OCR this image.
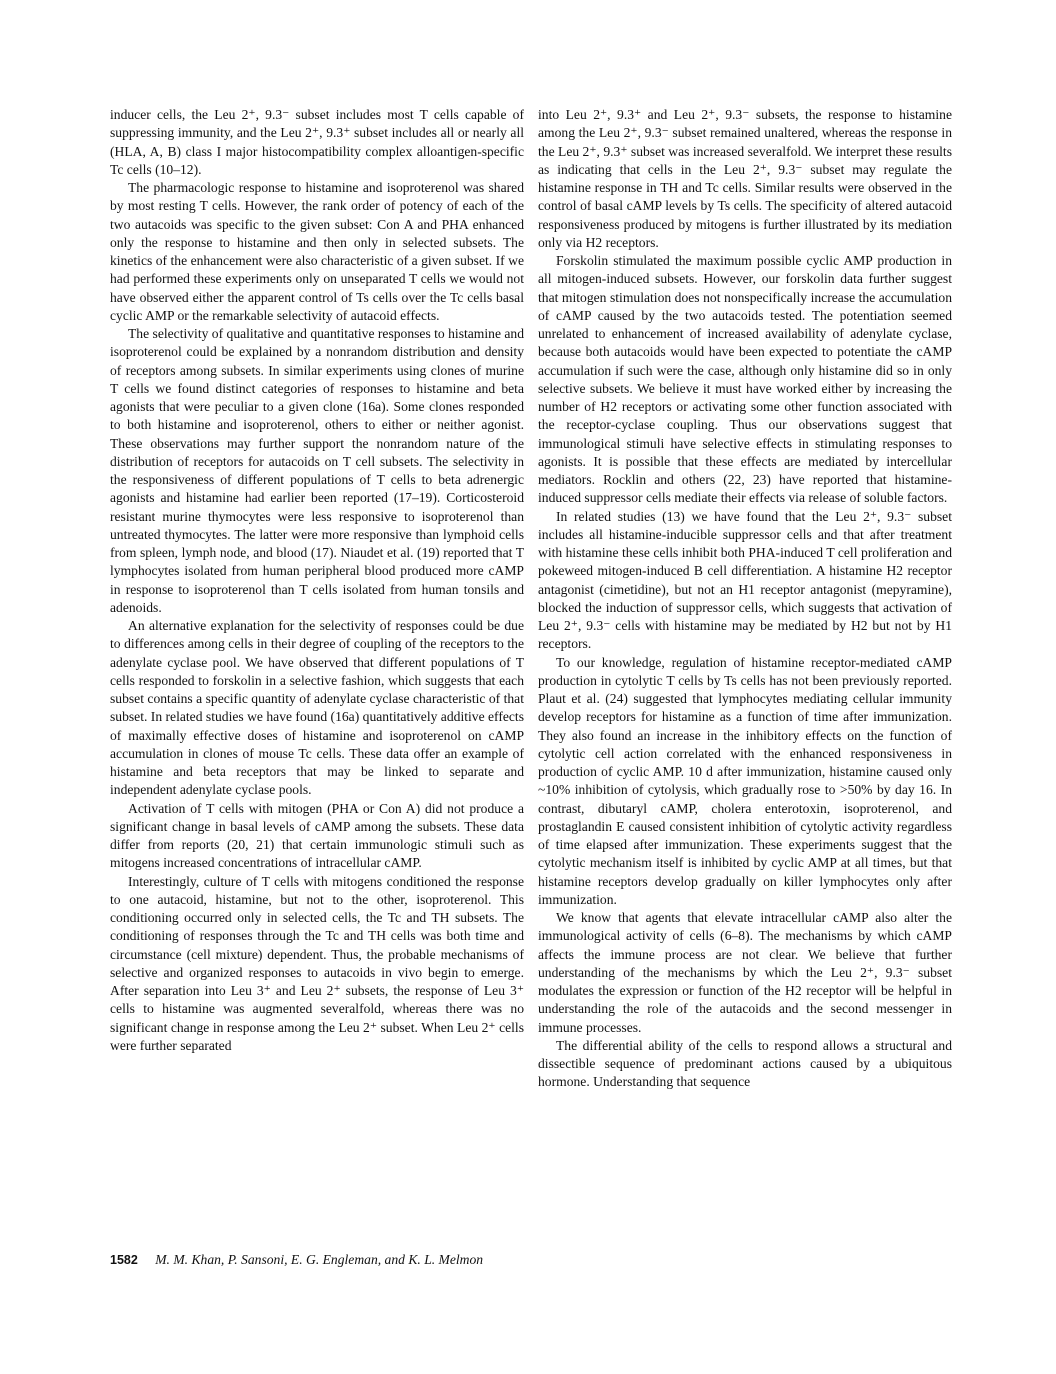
inducer cells, the Leu 2⁺, 9.3⁻ subset includes most T cells capable of suppressing immunity, and the Leu 2⁺, 9.3⁺ subset includes all or nearly all (HLA, A, B) class I major histocompatibility complex alloantigen-specific Tc cells (10–12).

The pharmacologic response to histamine and isoproterenol was shared by most resting T cells. However, the rank order of potency of each of the two autacoids was specific to the given subset: Con A and PHA enhanced only the response to histamine and then only in selected subsets. The kinetics of the enhancement were also characteristic of a given subset. If we had performed these experiments only on unseparated T cells we would not have observed either the apparent control of Ts cells over the Tc cells basal cyclic AMP or the remarkable selectivity of autacoid effects.

The selectivity of qualitative and quantitative responses to histamine and isoproterenol could be explained by a nonrandom distribution and density of receptors among subsets. In similar experiments using clones of murine T cells we found distinct categories of responses to histamine and beta agonists that were peculiar to a given clone (16a). Some clones responded to both histamine and isoproterenol, others to either or neither agonist. These observations may further support the nonrandom nature of the distribution of receptors for autacoids on T cell subsets. The selectivity in the responsiveness of different populations of T cells to beta adrenergic agonists and histamine had earlier been reported (17–19). Corticosteroid resistant murine thymocytes were less responsive to isoproterenol than untreated thymocytes. The latter were more responsive than lymphoid cells from spleen, lymph node, and blood (17). Niaudet et al. (19) reported that T lymphocytes isolated from human peripheral blood produced more cAMP in response to isoproterenol than T cells isolated from human tonsils and adenoids.

An alternative explanation for the selectivity of responses could be due to differences among cells in their degree of coupling of the receptors to the adenylate cyclase pool. We have observed that different populations of T cells responded to forskolin in a selective fashion, which suggests that each subset contains a specific quantity of adenylate cyclase characteristic of that subset. In related studies we have found (16a) quantitatively additive effects of maximally effective doses of histamine and isoproterenol on cAMP accumulation in clones of mouse Tc cells. These data offer an example of histamine and beta receptors that may be linked to separate and independent adenylate cyclase pools.

Activation of T cells with mitogen (PHA or Con A) did not produce a significant change in basal levels of cAMP among the subsets. These data differ from reports (20, 21) that certain immunologic stimuli such as mitogens increased concentrations of intracellular cAMP.

Interestingly, culture of T cells with mitogens conditioned the response to one autacoid, histamine, but not to the other, isoproterenol. This conditioning occurred only in selected cells, the Tc and TH subsets. The conditioning of responses through the Tc and TH cells was both time and circumstance (cell mixture) dependent. Thus, the probable mechanisms of selective and organized responses to autacoids in vivo begin to emerge. After separation into Leu 3⁺ and Leu 2⁺ subsets, the response of Leu 3⁺ cells to histamine was augmented severalfold, whereas there was no significant change in response among the Leu 2⁺ subset. When Leu 2⁺ cells were further separated

into Leu 2⁺, 9.3⁺ and Leu 2⁺, 9.3⁻ subsets, the response to histamine among the Leu 2⁺, 9.3⁻ subset remained unaltered, whereas the response in the Leu 2⁺, 9.3⁺ subset was increased severalfold. We interpret these results as indicating that cells in the Leu 2⁺, 9.3⁻ subset may regulate the histamine response in TH and Tc cells. Similar results were observed in the control of basal cAMP levels by Ts cells. The specificity of altered autacoid responsiveness produced by mitogens is further illustrated by its mediation only via H2 receptors.

Forskolin stimulated the maximum possible cyclic AMP production in all mitogen-induced subsets. However, our forskolin data further suggest that mitogen stimulation does not nonspecifically increase the accumulation of cAMP caused by the two autacoids tested. The potentiation seemed unrelated to enhancement of increased availability of adenylate cyclase, because both autacoids would have been expected to potentiate the cAMP accumulation if such were the case, although only histamine did so in only selective subsets. We believe it must have worked either by increasing the number of H2 receptors or activating some other function associated with the receptor-cyclase coupling. Thus our observations suggest that immunological stimuli have selective effects in stimulating responses to agonists. It is possible that these effects are mediated by intercellular mediators. Rocklin and others (22, 23) have reported that histamine-induced suppressor cells mediate their effects via release of soluble factors.

In related studies (13) we have found that the Leu 2⁺, 9.3⁻ subset includes all histamine-inducible suppressor cells and that after treatment with histamine these cells inhibit both PHA-induced T cell proliferation and pokeweed mitogen-induced B cell differentiation. A histamine H2 receptor antagonist (cimetidine), but not an H1 receptor antagonist (mepyramine), blocked the induction of suppressor cells, which suggests that activation of Leu 2⁺, 9.3⁻ cells with histamine may be mediated by H2 but not by H1 receptors.

To our knowledge, regulation of histamine receptor-mediated cAMP production in cytolytic T cells by Ts cells has not been previously reported. Plaut et al. (24) suggested that lymphocytes mediating cellular immunity develop receptors for histamine as a function of time after immunization. They also found an increase in the inhibitory effects on the function of cytolytic cell action correlated with the enhanced responsiveness in production of cyclic AMP. 10 d after immunization, histamine caused only ~10% inhibition of cytolysis, which gradually rose to >50% by day 16. In contrast, dibutaryl cAMP, cholera enterotoxin, isoproterenol, and prostaglandin E caused consistent inhibition of cytolytic activity regardless of time elapsed after immunization. These experiments suggest that the cytolytic mechanism itself is inhibited by cyclic AMP at all times, but that histamine receptors develop gradually on killer lymphocytes only after immunization.

We know that agents that elevate intracellular cAMP also alter the immunological activity of cells (6–8). The mechanisms by which cAMP affects the immune process are not clear. We believe that further understanding of the mechanisms by which the Leu 2⁺, 9.3⁻ subset modulates the expression or function of the H2 receptor will be helpful in understanding the role of the autacoids and the second messenger in immune processes.

The differential ability of the cells to respond allows a structural and dissectible sequence of predominant actions caused by a ubiquitous hormone. Understanding that sequence

1582 M. M. Khan, P. Sansoni, E. G. Engleman, and K. L. Melmon
